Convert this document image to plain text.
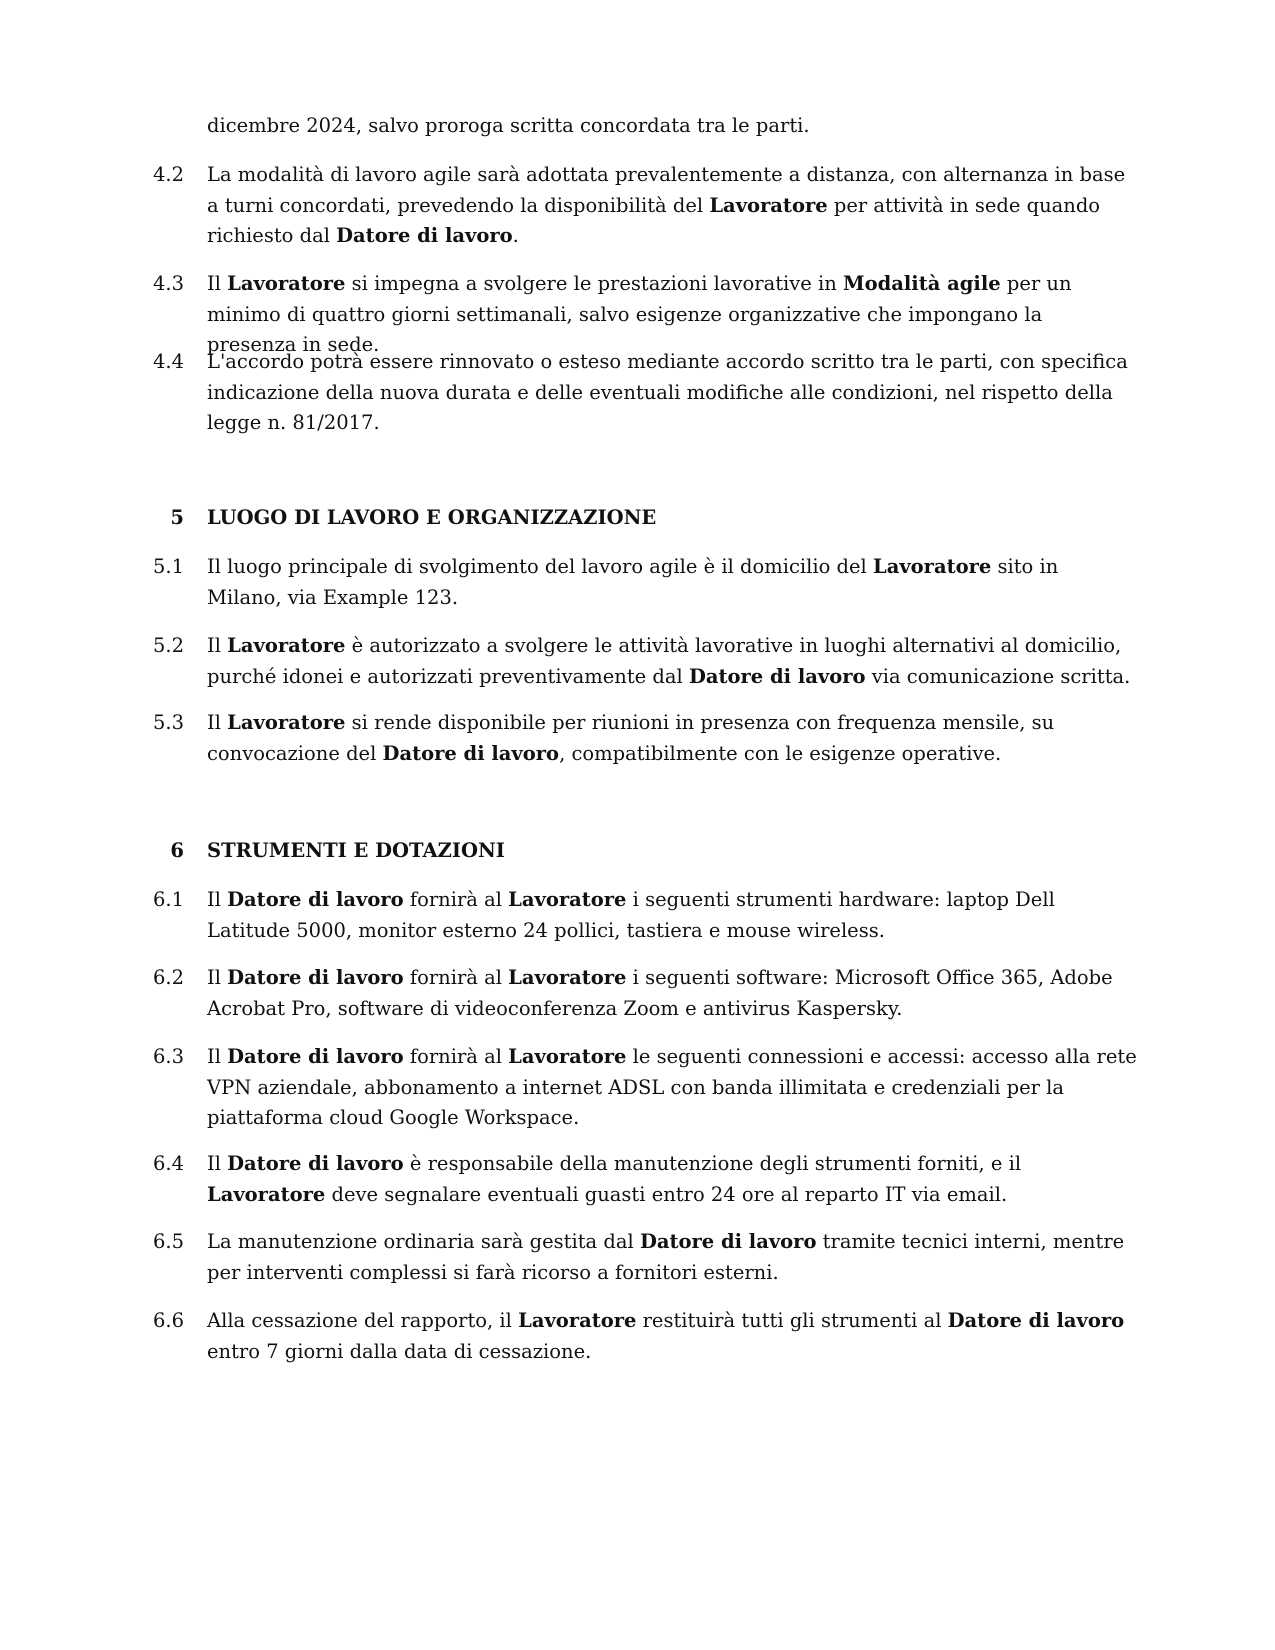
dicembre 2024, salvo proroga scritta concordata tra le parti.
4.2 La modalità di lavoro agile sarà adottata prevalentemente a distanza, con alternanza in base a turni concordati, prevedendo la disponibilità del Lavoratore per attività in sede quando richiesto dal Datore di lavoro.
4.3 Il Lavoratore si impegna a svolgere le prestazioni lavorative in Modalità agile per un minimo di quattro giorni settimanali, salvo esigenze organizzative che impongano la presenza in sede.
4.4 L'accordo potrà essere rinnovato o esteso mediante accordo scritto tra le parti, con specifica indicazione della nuova durata e delle eventuali modifiche alle condizioni, nel rispetto della legge n. 81/2017.
5 LUOGO DI LAVORO E ORGANIZZAZIONE
5.1 Il luogo principale di svolgimento del lavoro agile è il domicilio del Lavoratore sito in Milano, via Example 123.
5.2 Il Lavoratore è autorizzato a svolgere le attività lavorative in luoghi alternativi al domicilio, purché idonei e autorizzati preventivamente dal Datore di lavoro via comunicazione scritta.
5.3 Il Lavoratore si rende disponibile per riunioni in presenza con frequenza mensile, su convocazione del Datore di lavoro, compatibilmente con le esigenze operative.
6 STRUMENTI E DOTAZIONI
6.1 Il Datore di lavoro fornirà al Lavoratore i seguenti strumenti hardware: laptop Dell Latitude 5000, monitor esterno 24 pollici, tastiera e mouse wireless.
6.2 Il Datore di lavoro fornirà al Lavoratore i seguenti software: Microsoft Office 365, Adobe Acrobat Pro, software di videoconferenza Zoom e antivirus Kaspersky.
6.3 Il Datore di lavoro fornirà al Lavoratore le seguenti connessioni e accessi: accesso alla rete VPN aziendale, abbonamento a internet ADSL con banda illimitata e credenziali per la piattaforma cloud Google Workspace.
6.4 Il Datore di lavoro è responsabile della manutenzione degli strumenti forniti, e il Lavoratore deve segnalare eventuali guasti entro 24 ore al reparto IT via email.
6.5 La manutenzione ordinaria sarà gestita dal Datore di lavoro tramite tecnici interni, mentre per interventi complessi si farà ricorso a fornitori esterni.
6.6 Alla cessazione del rapporto, il Lavoratore restituirà tutti gli strumenti al Datore di lavoro entro 7 giorni dalla data di cessazione.
